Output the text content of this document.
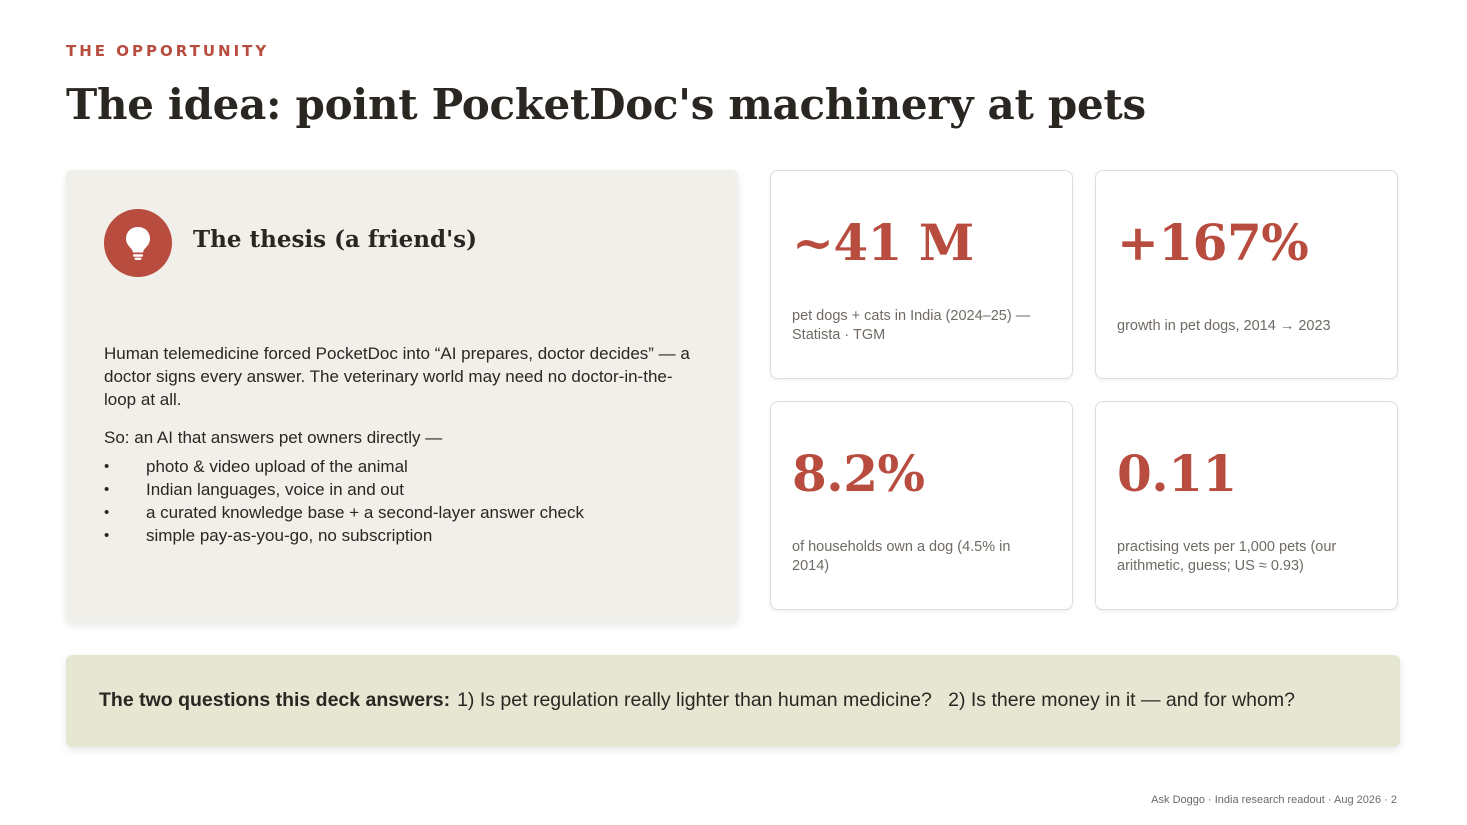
THE OPPORTUNITY
The idea: point PocketDoc's machinery at pets
The thesis (a friend's)

Human telemedicine forced PocketDoc into “AI prepares, doctor decides” — a doctor signs every answer. The veterinary world may need no doctor-in-the-loop at all.

So: an AI that answers pet owners directly —

• photo & video upload of the animal
• Indian languages, voice in and out
• a curated knowledge base + a second-layer answer check
• simple pay-as-you-go, no subscription
~41 M
pet dogs + cats in India (2024–25) — Statista · TGM
+167%
growth in pet dogs, 2014 → 2023
8.2%
of households own a dog (4.5% in 2014)
0.11
practising vets per 1,000 pets (our arithmetic, guess; US ≈ 0.93)
The two questions this deck answers: 1) Is pet regulation really lighter than human medicine?   2) Is there money in it — and for whom?
Ask Doggo · India research readout · Aug 2026 · 2
